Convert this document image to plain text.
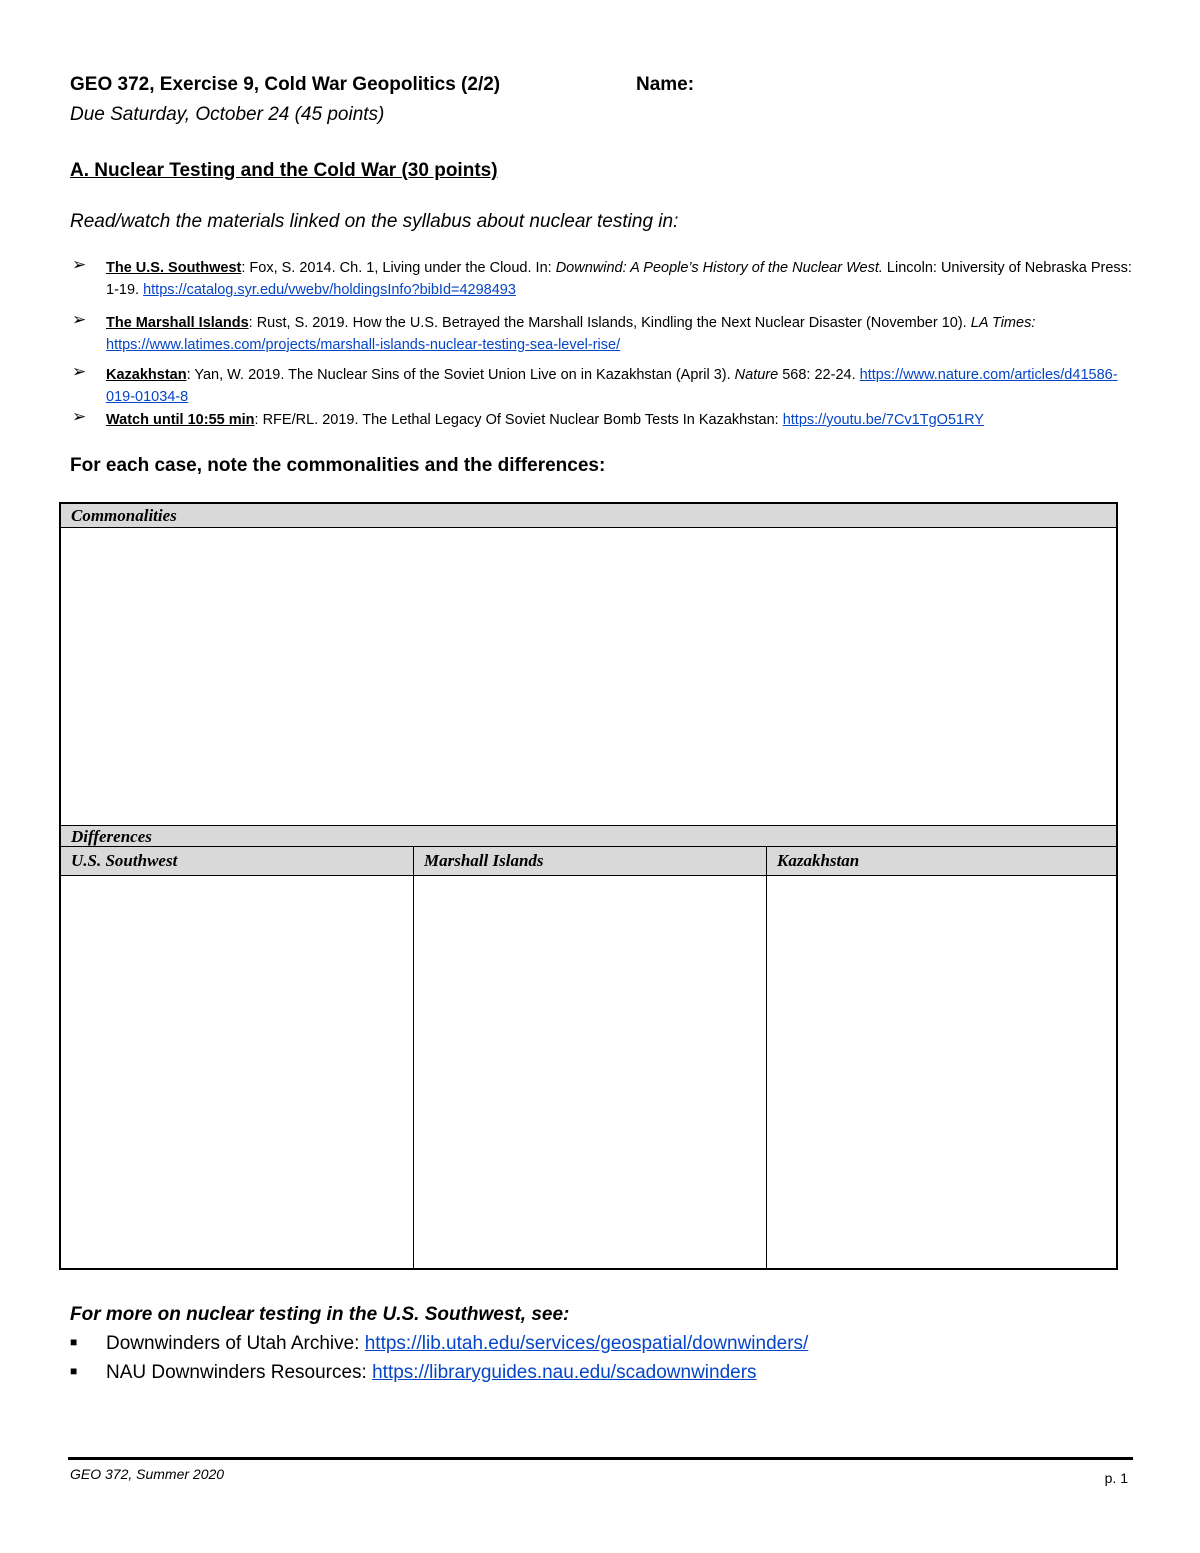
GEO 372, Exercise 9, Cold War Geopolitics (2/2)	Name:
Due Saturday, October 24 (45 points)
A. Nuclear Testing and the Cold War (30 points)
Read/watch the materials linked on the syllabus about nuclear testing in:
➢ The U.S. Southwest: Fox, S. 2014. Ch. 1, Living under the Cloud. In: Downwind: A People’s History of the Nuclear West. Lincoln: University of Nebraska Press: 1-19. https://catalog.syr.edu/vwebv/holdingsInfo?bibId=4298493
➢ The Marshall Islands: Rust, S. 2019. How the U.S. Betrayed the Marshall Islands, Kindling the Next Nuclear Disaster (November 10). LA Times: https://www.latimes.com/projects/marshall-islands-nuclear-testing-sea-level-rise/
➢ Kazakhstan: Yan, W. 2019. The Nuclear Sins of the Soviet Union Live on in Kazakhstan (April 3). Nature 568: 22-24. https://www.nature.com/articles/d41586-019-01034-8
➢ Watch until 10:55 min: RFE/RL. 2019. The Lethal Legacy Of Soviet Nuclear Bomb Tests In Kazakhstan: https://youtu.be/7Cv1TgO51RY
For each case, note the commonalities and the differences:
Commonalities
Differences
U.S. Southwest	Marshall Islands	Kazakhstan
For more on nuclear testing in the U.S. Southwest, see:
■ Downwinders of Utah Archive: https://lib.utah.edu/services/geospatial/downwinders/
■ NAU Downwinders Resources: https://libraryguides.nau.edu/scadownwinders
GEO 372, Summer 2020	p. 1
